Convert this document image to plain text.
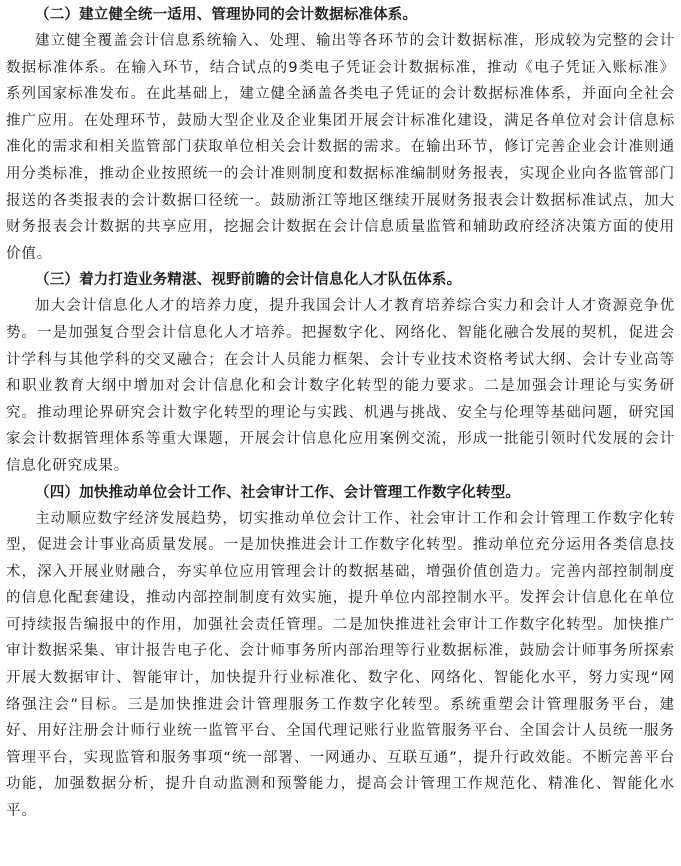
（二）建立健全统一适用、管理协同的会计数据标准体系。

建立健全覆盖会计信息系统输入、处理、输出等各环节的会计数据标准，形成较为完整的会计数据标准体系。在输入环节，结合试点的9类电子凭证会计数据标准，推动《电子凭证入账标准》系列国家标准发布。在此基础上，建立健全涵盖各类电子凭证的会计数据标准体系，并面向全社会推广应用。在处理环节，鼓励大型企业及企业集团开展会计标准化建设，满足各单位对会计信息标准化的需求和相关监管部门获取单位相关会计数据的需求。在输出环节，修订完善企业会计准则通用分类标准，推动企业按照统一的会计准则制度和数据标准编制财务报表，实现企业向各监管部门报送的各类报表的会计数据口径统一。鼓励浙江等地区继续开展财务报表会计数据标准试点，加大财务报表会计数据的共享应用，挖掘会计数据在会计信息质量监管和辅助政府经济决策方面的使用价值。

（三）着力打造业务精湛、视野前瞻的会计信息化人才队伍体系。

加大会计信息化人才的培养力度，提升我国会计人才教育培养综合实力和会计人才资源竞争优势。一是加强复合型会计信息化人才培养。把握数字化、网络化、智能化融合发展的契机，促进会计学科与其他学科的交叉融合；在会计人员能力框架、会计专业技术资格考试大纲、会计专业高等和职业教育大纲中增加对会计信息化和会计数字化转型的能力要求。二是加强会计理论与实务研究。推动理论界研究会计数字化转型的理论与实践、机遇与挑战、安全与伦理等基础问题，研究国家会计数据管理体系等重大课题，开展会计信息化应用案例交流，形成一批能引领时代发展的会计信息化研究成果。

（四）加快推动单位会计工作、社会审计工作、会计管理工作数字化转型。

主动顺应数字经济发展趋势，切实推动单位会计工作、社会审计工作和会计管理工作数字化转型，促进会计事业高质量发展。一是加快推进会计工作数字化转型。推动单位充分运用各类信息技术，深入开展业财融合，夯实单位应用管理会计的数据基础，增强价值创造力。完善内部控制制度的信息化配套建设，推动内部控制制度有效实施，提升单位内部控制水平。发挥会计信息化在单位可持续报告编报中的作用，加强社会责任管理。二是加快推进社会审计工作数字化转型。加快推广审计数据采集、审计报告电子化、会计师事务所内部治理等行业数据标准，鼓励会计师事务所探索开展大数据审计、智能审计，加快提升行业标准化、数字化、网络化、智能化水平，努力实现“网络强注会”目标。三是加快推进会计管理服务工作数字化转型。系统重塑会计管理服务平台，建好、用好注册会计师行业统一监管平台、全国代理记账行业监管服务平台、全国会计人员统一服务管理平台，实现监管和服务事项“统一部署、一网通办、互联互通”，提升行政效能。不断完善平台功能，加强数据分析，提升自动监测和预警能力，提高会计管理工作规范化、精准化、智能化水平。
